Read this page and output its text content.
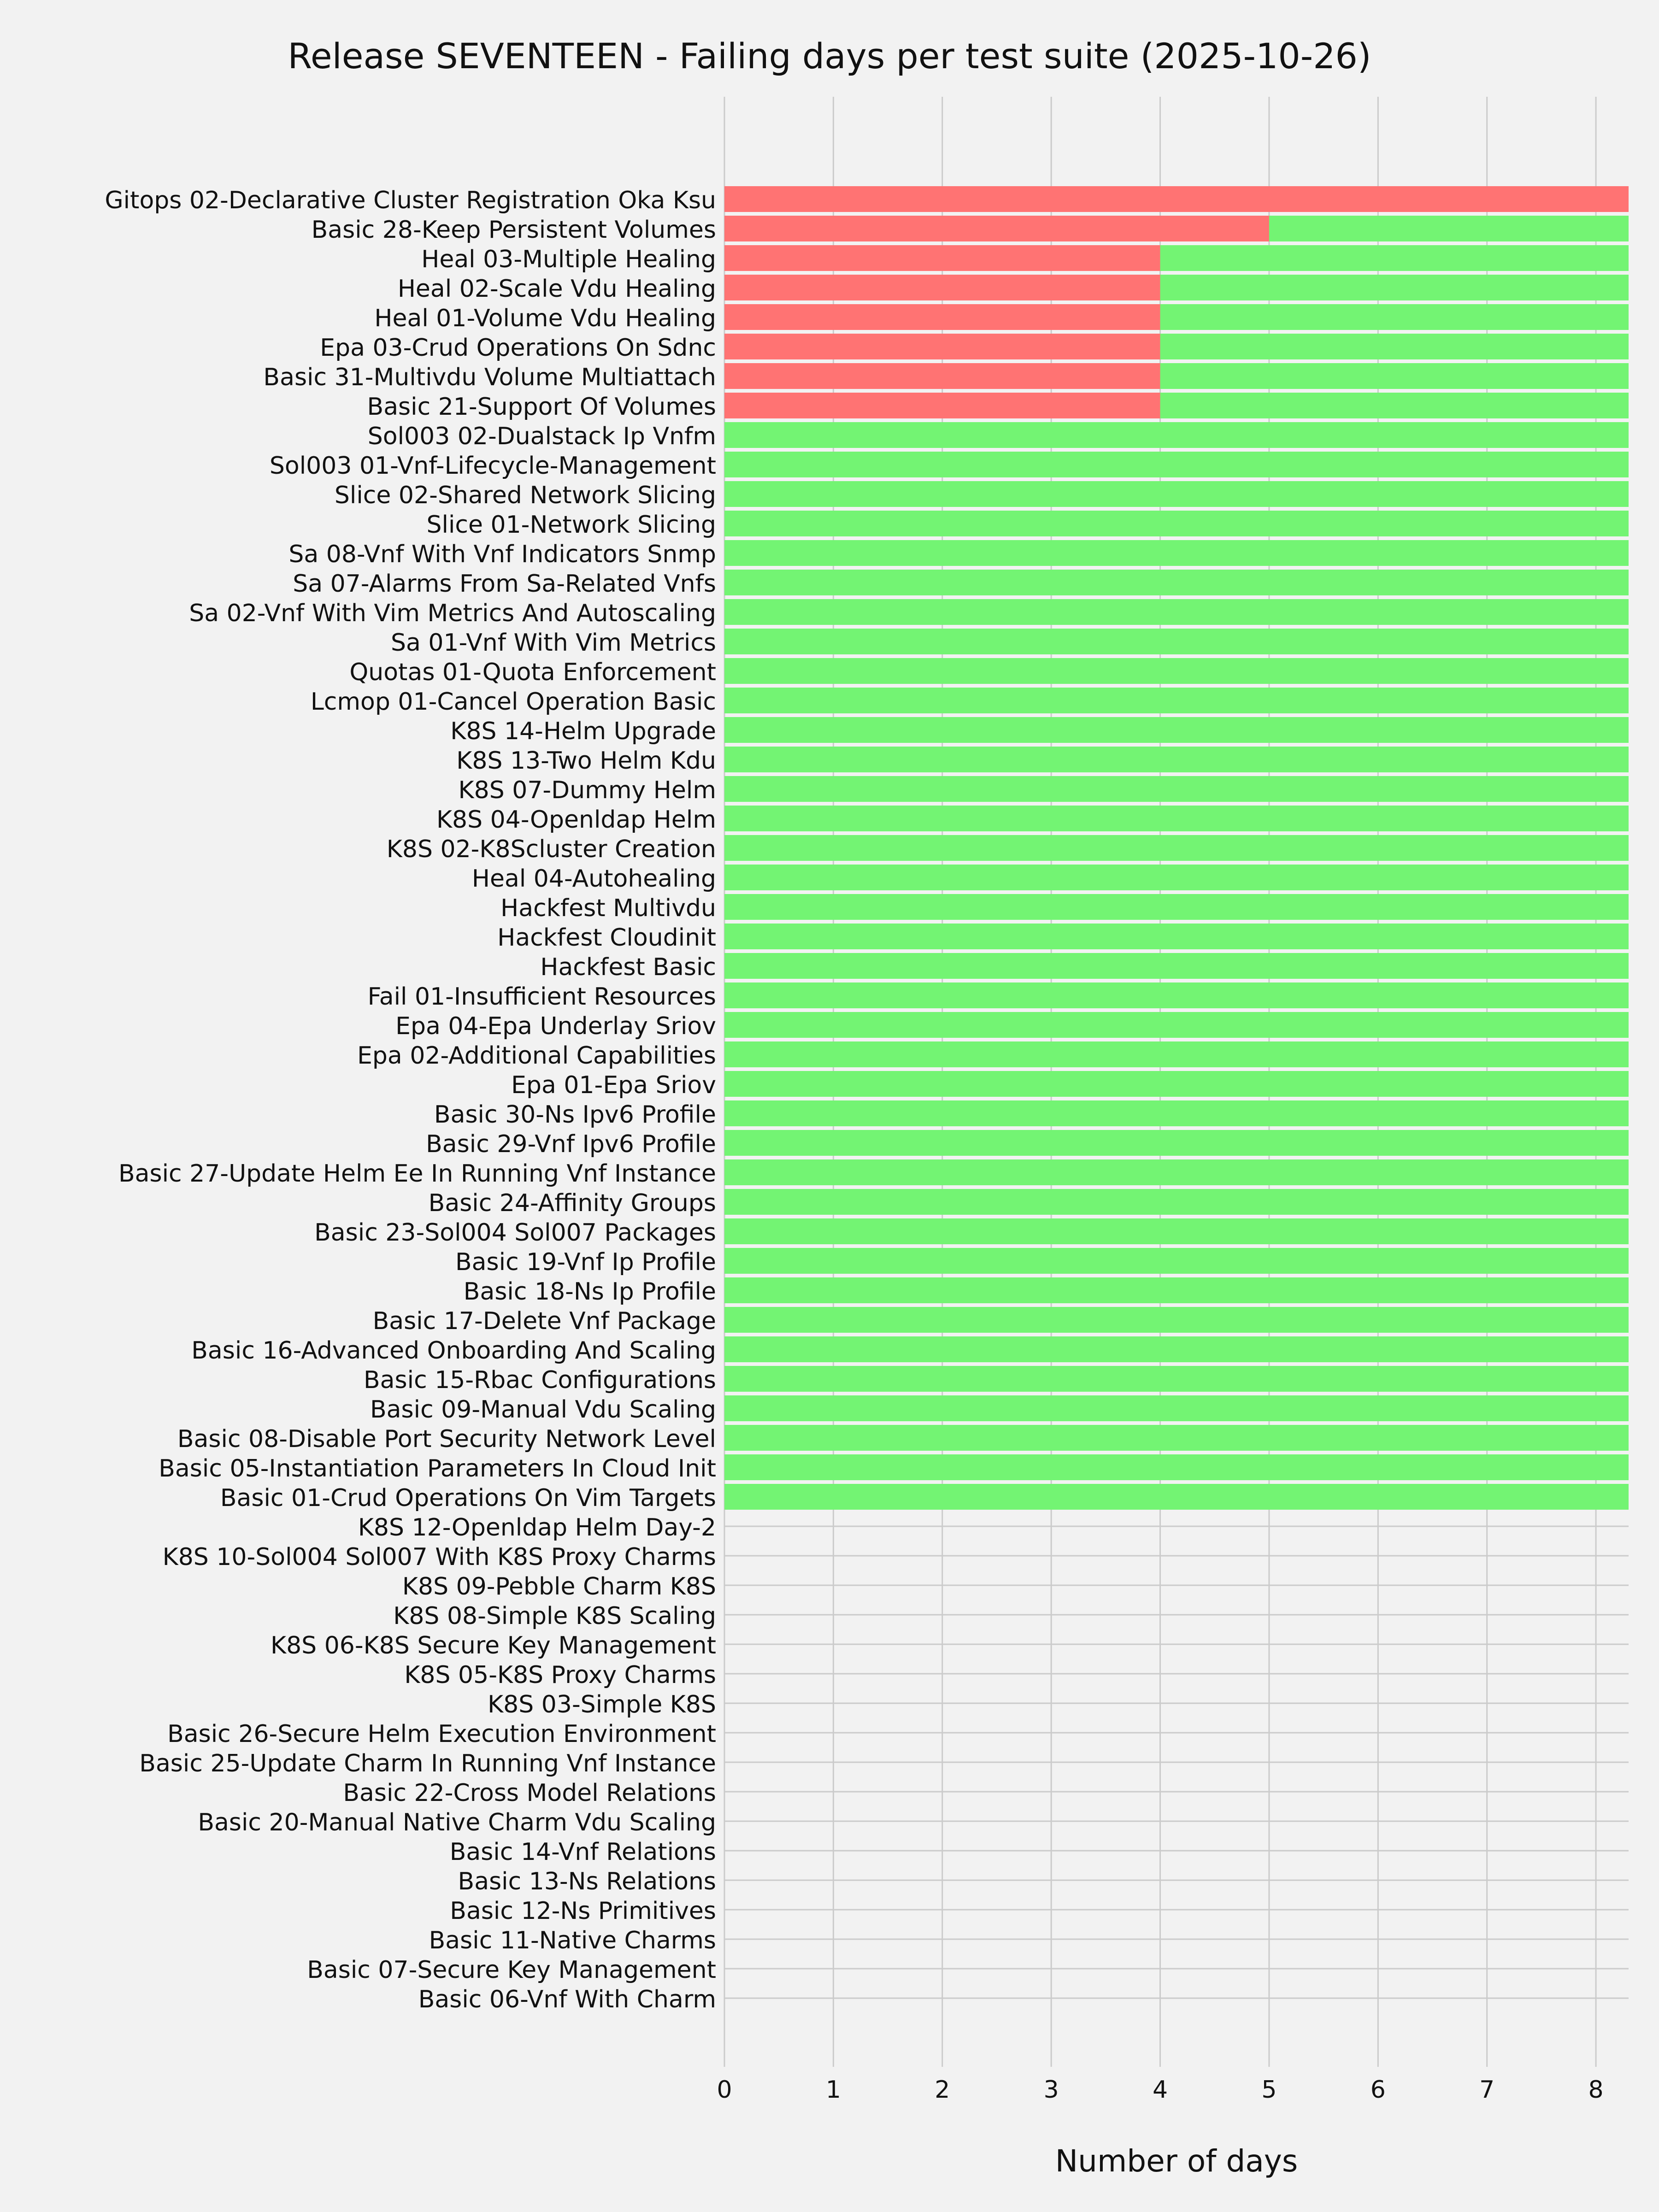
Release SEVENTEEN - Failing days per test suite (2025-10-26)
Gitops 02-Declarative Cluster Registration Oka Ksu
Basic 28-Keep Persistent Volumes
Heal 03-Multiple Healing
Heal 02-Scale Vdu Healing
Heal 01-Volume Vdu Healing
Epa 03-Crud Operations On Sdnc
Basic 31-Multivdu Volume Multiattach
Basic 21-Support Of Volumes
Sol003 02-Dualstack Ip Vnfm
Sol003 01-Vnf-Lifecycle-Management
Slice 02-Shared Network Slicing
Slice 01-Network Slicing
Sa 08-Vnf With Vnf Indicators Snmp
Sa 07-Alarms From Sa-Related Vnfs
Sa 02-Vnf With Vim Metrics And Autoscaling
Sa 01-Vnf With Vim Metrics
Quotas 01-Quota Enforcement
Lcmop 01-Cancel Operation Basic
K8S 14-Helm Upgrade
K8S 13-Two Helm Kdu
K8S 07-Dummy Helm
K8S 04-Openldap Helm
K8S 02-K8Scluster Creation
Heal 04-Autohealing
Hackfest Multivdu
Hackfest Cloudinit
Hackfest Basic
Fail 01-Insufficient Resources
Epa 04-Epa Underlay Sriov
Epa 02-Additional Capabilities
Epa 01-Epa Sriov
Basic 30-Ns Ipv6 Profile
Basic 29-Vnf Ipv6 Profile
Basic 27-Update Helm Ee In Running Vnf Instance
Basic 24-Affinity Groups
Basic 23-Sol004 Sol007 Packages
Basic 19-Vnf Ip Profile
Basic 18-Ns Ip Profile
Basic 17-Delete Vnf Package
Basic 16-Advanced Onboarding And Scaling
Basic 15-Rbac Configurations
Basic 09-Manual Vdu Scaling
Basic 08-Disable Port Security Network Level
Basic 05-Instantiation Parameters In Cloud Init
Basic 01-Crud Operations On Vim Targets
K8S 12-Openldap Helm Day-2
K8S 10-Sol004 Sol007 With K8S Proxy Charms
K8S 09-Pebble Charm K8S
K8S 08-Simple K8S Scaling
K8S 06-K8S Secure Key Management
K8S 05-K8S Proxy Charms
K8S 03-Simple K8S
Basic 26-Secure Helm Execution Environment
Basic 25-Update Charm In Running Vnf Instance
Basic 22-Cross Model Relations
Basic 20-Manual Native Charm Vdu Scaling
Basic 14-Vnf Relations
Basic 13-Ns Relations
Basic 12-Ns Primitives
Basic 11-Native Charms
Basic 07-Secure Key Management
Basic 06-Vnf With Charm
0	1	2	3	4	5	6	7	8
Number of days
